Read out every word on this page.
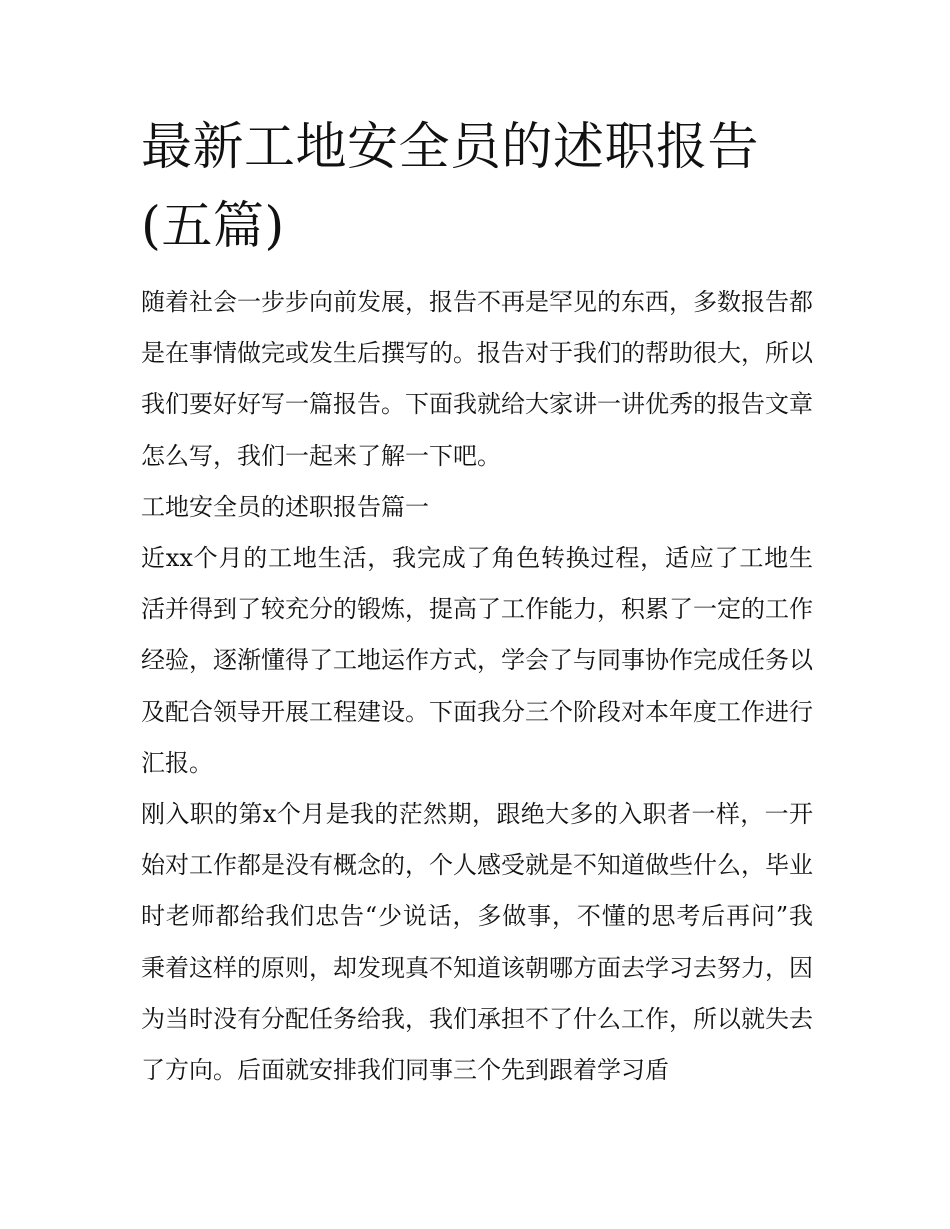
最新工地安全员的述职报告(五篇)

随着社会一步步向前发展，报告不再是罕见的东西，多数报告都是在事情做完或发生后撰写的。报告对于我们的帮助很大，所以我们要好好写一篇报告。下面我就给大家讲一讲优秀的报告文章怎么写，我们一起来了解一下吧。

工地安全员的述职报告篇一

近xx个月的工地生活，我完成了角色转换过程，适应了工地生活并得到了较充分的锻炼，提高了工作能力，积累了一定的工作经验，逐渐懂得了工地运作方式，学会了与同事协作完成任务以及配合领导开展工程建设。下面我分三个阶段对本年度工作进行汇报。

刚入职的第x个月是我的茫然期，跟绝大多的入职者一样，一开始对工作都是没有概念的，个人感受就是不知道做些什么，毕业时老师都给我们忠告“少说话，多做事，不懂的思考后再问”我秉着这样的原则，却发现真不知道该朝哪方面去学习去努力，因为当时没有分配任务给我，我们承担不了什么工作，所以就失去了方向。后面就安排我们同事三个先到跟着学习盾
